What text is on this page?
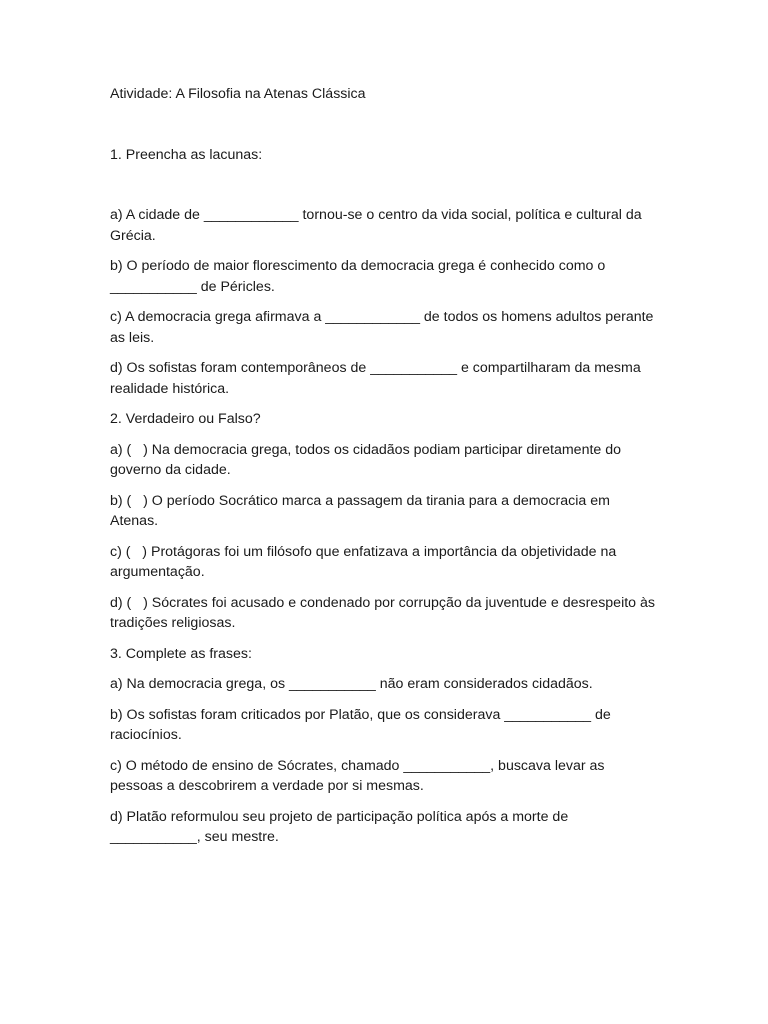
Atividade: A Filosofia na Atenas Clássica

1. Preencha as lacunas:

a) A cidade de ____________ tornou-se o centro da vida social, política e cultural da Grécia.

b) O período de maior florescimento da democracia grega é conhecido como o ___________ de Péricles.

c) A democracia grega afirmava a ____________ de todos os homens adultos perante as leis.

d) Os sofistas foram contemporâneos de ___________ e compartilharam da mesma realidade histórica.

2. Verdadeiro ou Falso?

a) (   ) Na democracia grega, todos os cidadãos podiam participar diretamente do governo da cidade.

b) (   ) O período Socrático marca a passagem da tirania para a democracia em Atenas.

c) (   ) Protágoras foi um filósofo que enfatizava a importância da objetividade na argumentação.

d) (   ) Sócrates foi acusado e condenado por corrupção da juventude e desrespeito às tradições religiosas.

3. Complete as frases:

a) Na democracia grega, os ___________ não eram considerados cidadãos.

b) Os sofistas foram criticados por Platão, que os considerava ___________ de raciocínios.

c) O método de ensino de Sócrates, chamado ___________, buscava levar as pessoas a descobrirem a verdade por si mesmas.

d) Platão reformulou seu projeto de participação política após a morte de ___________, seu mestre.
